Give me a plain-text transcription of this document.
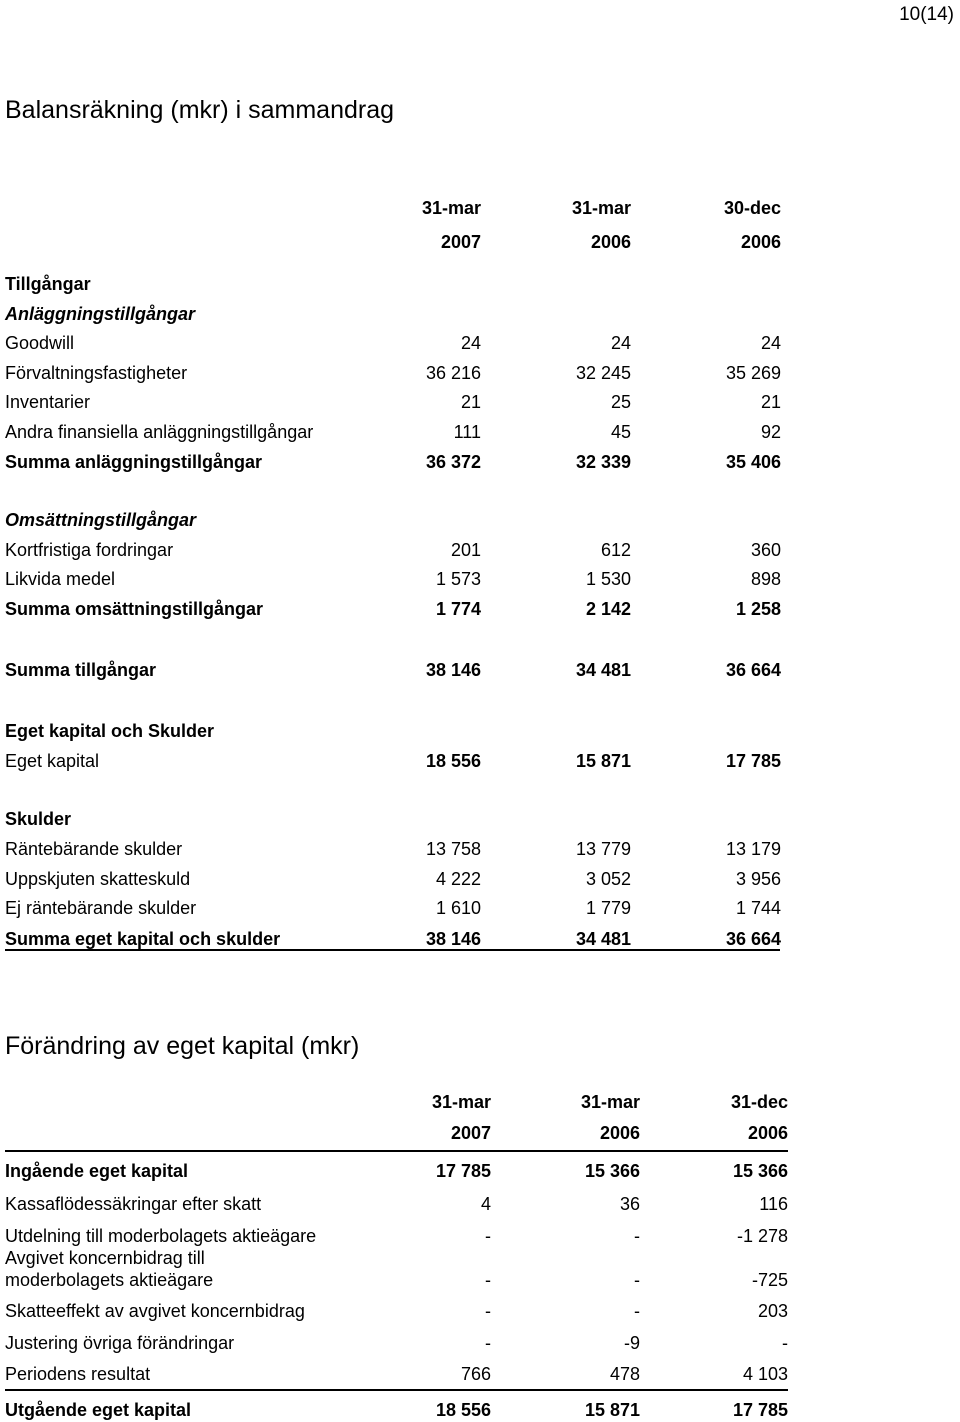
10(14)
Balansräkning (mkr) i sammandrag
31-mar	31-mar	30-dec
2007	2006	2006
Tillgångar
Anläggningstillgångar
Goodwill	24	24	24
Förvaltningsfastigheter	36 216	32 245	35 269
Inventarier	21	25	21
Andra finansiella anläggningstillgångar	111	45	92
Summa anläggningstillgångar	36 372	32 339	35 406
Omsättningstillgångar
Kortfristiga fordringar	201	612	360
Likvida medel	1 573	1 530	898
Summa omsättningstillgångar	1 774	2 142	1 258
Summa tillgångar	38 146	34 481	36 664
Eget kapital och Skulder
Eget kapital	18 556	15 871	17 785
Skulder
Räntebärande skulder	13 758	13 779	13 179
Uppskjuten skatteskuld	4 222	3 052	3 956
Ej räntebärande skulder	1 610	1 779	1 744
Summa eget kapital och skulder	38 146	34 481	36 664
Förändring av eget kapital (mkr)
31-mar	31-mar	31-dec
2007	2006	2006
Ingående eget kapital	17 785	15 366	15 366
Kassaflödessäkringar efter skatt	4	36	116
Utdelning till moderbolagets aktieägare	-	-	-1 278
Avgivet koncernbidrag till
moderbolagets aktieägare	-	-	-725
Skatteeffekt av avgivet koncernbidrag	-	-	203
Justering övriga förändringar	-	-9	-
Periodens resultat	766	478	4 103
Utgående eget kapital	18 556	15 871	17 785
